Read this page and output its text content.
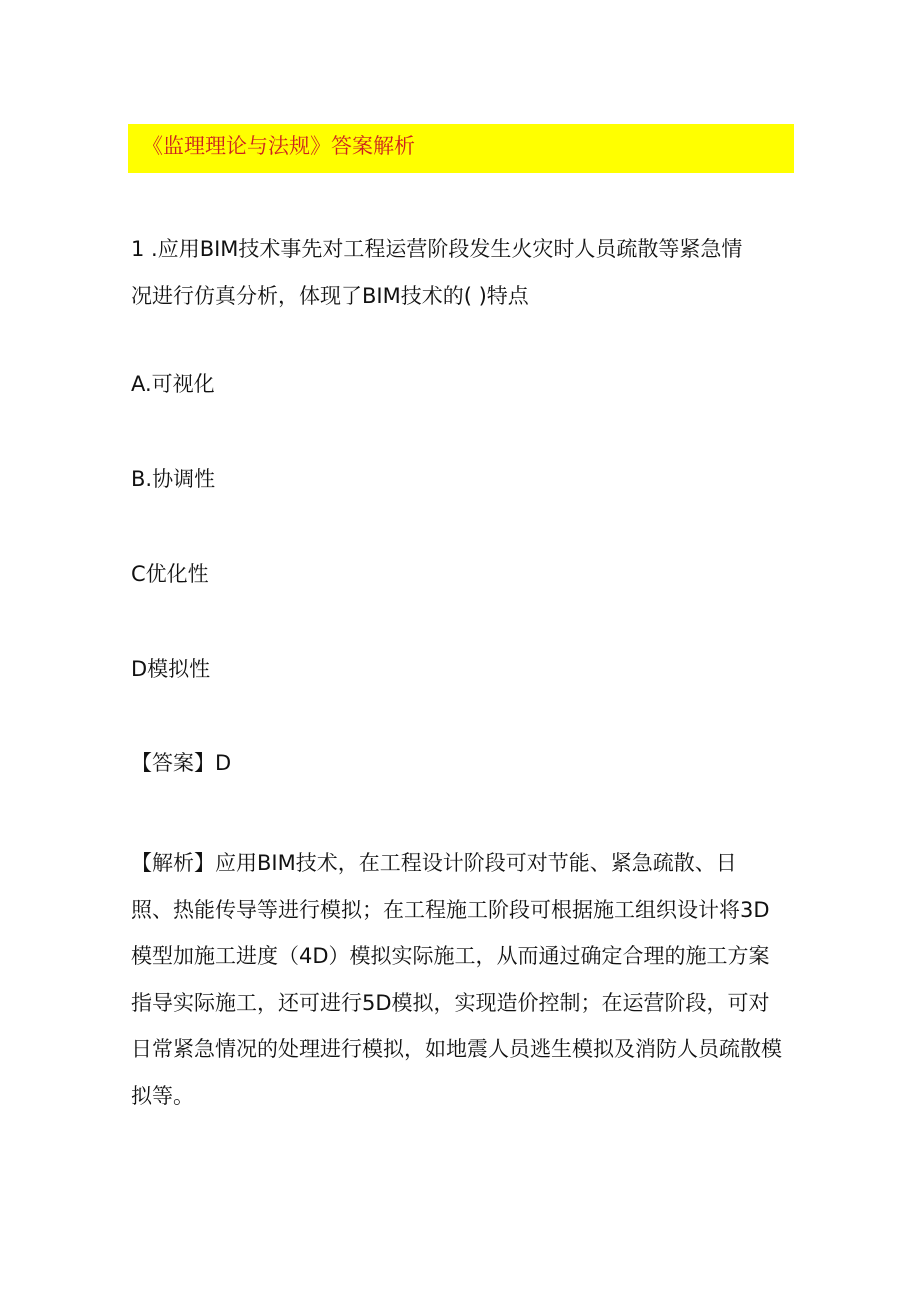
《监理理论与法规》答案解析

1 .应用BIM技术事先对工程运营阶段发生火灾时人员疏散等紧急情
况进行仿真分析，体现了BIM技术的( )特点

A.可视化

B.协调性

C优化性

D模拟性

【答案】D

【解析】应用BIM技术，在工程设计阶段可对节能、紧急疏散、日
照、热能传导等进行模拟；在工程施工阶段可根据施工组织设计将3D
模型加施工进度（4D）模拟实际施工，从而通过确定合理的施工方案
指导实际施工，还可进行5D模拟，实现造价控制；在运营阶段，可对
日常紧急情况的处理进行模拟，如地震人员逃生模拟及消防人员疏散模
拟等。
